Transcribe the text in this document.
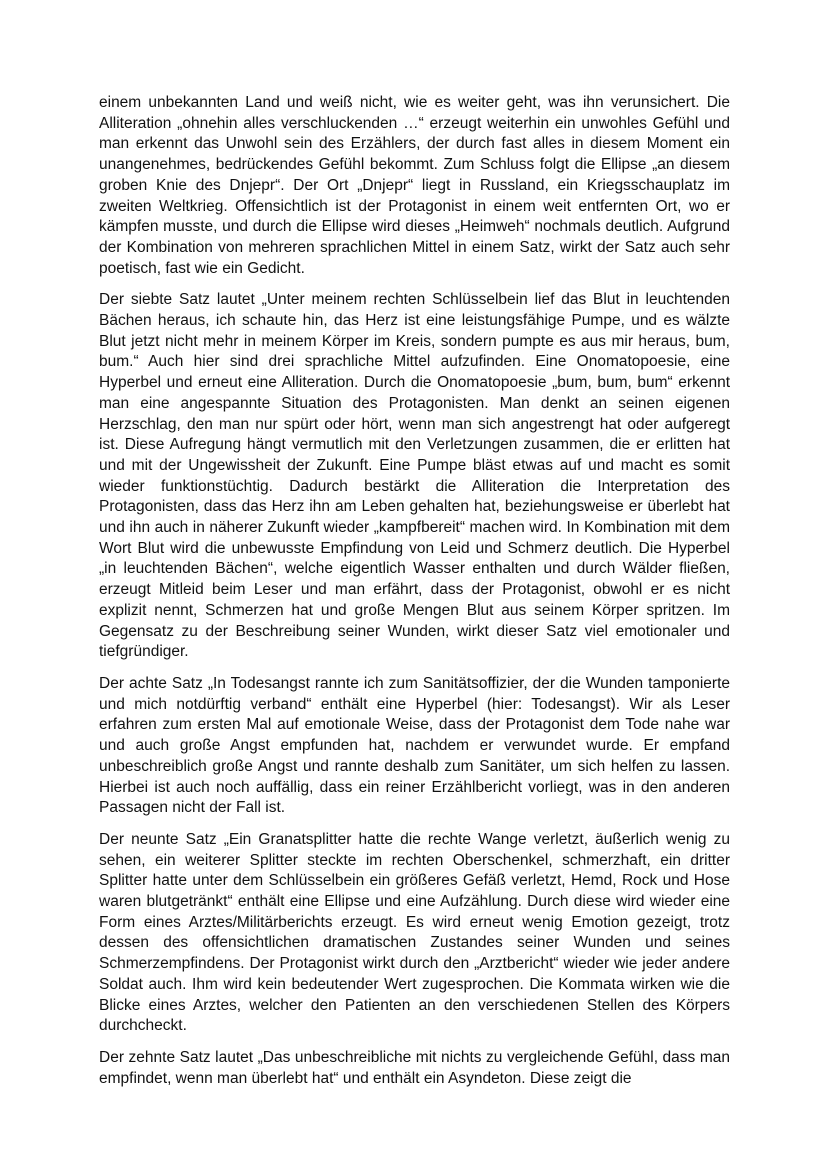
einem unbekannten Land und weiß nicht, wie es weiter geht, was ihn verunsichert. Die Alliteration „ohnehin alles verschluckenden …“ erzeugt weiterhin ein unwohles Gefühl und man erkennt das Unwohl sein des Erzählers, der durch fast alles in diesem Moment ein unangenehmes, bedrückendes Gefühl bekommt. Zum Schluss folgt die Ellipse „an diesem groben Knie des Dnjepr“. Der Ort „Dnjepr“ liegt in Russland, ein Kriegsschauplatz im zweiten Weltkrieg. Offensichtlich ist der Protagonist in einem weit entfernten Ort, wo er kämpfen musste, und durch die Ellipse wird dieses „Heimweh“ nochmals deutlich. Aufgrund der Kombination von mehreren sprachlichen Mittel in einem Satz, wirkt der Satz auch sehr poetisch, fast wie ein Gedicht.

Der siebte Satz lautet „Unter meinem rechten Schlüsselbein lief das Blut in leuchtenden Bächen heraus, ich schaute hin, das Herz ist eine leistungsfähige Pumpe, und es wälzte Blut jetzt nicht mehr in meinem Körper im Kreis, sondern pumpte es aus mir heraus, bum, bum.“ Auch hier sind drei sprachliche Mittel aufzufinden. Eine Onomatopoesie, eine Hyperbel und erneut eine Alliteration. Durch die Onomatopoesie „bum, bum, bum“ erkennt man eine angespannte Situation des Protagonisten. Man denkt an seinen eigenen Herzschlag, den man nur spürt oder hört, wenn man sich angestrengt hat oder aufgeregt ist. Diese Aufregung hängt vermutlich mit den Verletzungen zusammen, die er erlitten hat und mit der Ungewissheit der Zukunft. Eine Pumpe bläst etwas auf und macht es somit wieder funktionstüchtig. Dadurch bestärkt die Alliteration die Interpretation des Protagonisten, dass das Herz ihn am Leben gehalten hat, beziehungsweise er überlebt hat und ihn auch in näherer Zukunft wieder „kampfbereit“ machen wird. In Kombination mit dem Wort Blut wird die unbewusste Empfindung von Leid und Schmerz deutlich. Die Hyperbel „in leuchtenden Bächen“, welche eigentlich Wasser enthalten und durch Wälder fließen, erzeugt Mitleid beim Leser und man erfährt, dass der Protagonist, obwohl er es nicht explizit nennt, Schmerzen hat und große Mengen Blut aus seinem Körper spritzen. Im Gegensatz zu der Beschreibung seiner Wunden, wirkt dieser Satz viel emotionaler und tiefgründiger.

Der achte Satz „In Todesangst rannte ich zum Sanitätsoffizier, der die Wunden tamponierte und mich notdürftig verband“ enthält eine Hyperbel (hier: Todesangst). Wir als Leser erfahren zum ersten Mal auf emotionale Weise, dass der Protagonist dem Tode nahe war und auch große Angst empfunden hat, nachdem er verwundet wurde. Er empfand unbeschreiblich große Angst und rannte deshalb zum Sanitäter, um sich helfen zu lassen. Hierbei ist auch noch auffällig, dass ein reiner Erzählbericht vorliegt, was in den anderen Passagen nicht der Fall ist.

Der neunte Satz „Ein Granatsplitter hatte die rechte Wange verletzt, äußerlich wenig zu sehen, ein weiterer Splitter steckte im rechten Oberschenkel, schmerzhaft, ein dritter Splitter hatte unter dem Schlüsselbein ein größeres Gefäß verletzt, Hemd, Rock und Hose waren blutgetränkt“ enthält eine Ellipse und eine Aufzählung. Durch diese wird wieder eine Form eines Arztes/Militärberichts erzeugt. Es wird erneut wenig Emotion gezeigt, trotz dessen des offensichtlichen dramatischen Zustandes seiner Wunden und seines Schmerzempfindens. Der Protagonist wirkt durch den „Arztbericht“ wieder wie jeder andere Soldat auch. Ihm wird kein bedeutender Wert zugesprochen. Die Kommata wirken wie die Blicke eines Arztes, welcher den Patienten an den verschiedenen Stellen des Körpers durchcheckt.

Der zehnte Satz lautet „Das unbeschreibliche mit nichts zu vergleichende Gefühl, dass man empfindet, wenn man überlebt hat“ und enthält ein Asyndeton. Diese zeigt die
